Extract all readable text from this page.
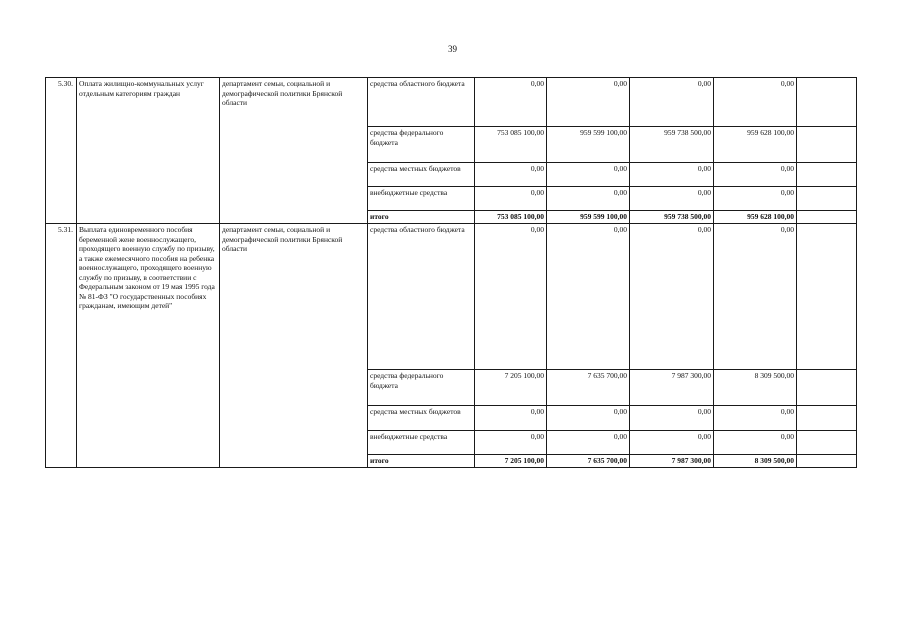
39
5.30.	Оплата жилищно-коммунальных услуг отдельным категориям граждан	департамент семьи, социальной и демографической политики Брянской области	средства областного бюджета	0,00	0,00	0,00	0,00	
			средства федерального бюджета	753 085 100,00	959 599 100,00	959 738 500,00	959 628 100,00	
			средства местных бюджетов	0,00	0,00	0,00	0,00	
			внебюджетные средства	0,00	0,00	0,00	0,00	
			итого	753 085 100,00	959 599 100,00	959 738 500,00	959 628 100,00	
5.31.	Выплата единовременного пособия беременной жене военнослужащего, проходящего военную службу по призыву, а также ежемесячного пособия на ребенка военнослужащего, проходящего военную службу по призыву, в соответствии с Федеральным законом от 19 мая 1995 года № 81-ФЗ "О государственных пособиях гражданам, имеющим детей"	департамент семьи, социальной и демографической политики Брянской области	средства областного бюджета	0,00	0,00	0,00	0,00	
			средства федерального бюджета	7 205 100,00	7 635 700,00	7 987 300,00	8 309 500,00	
			средства местных бюджетов	0,00	0,00	0,00	0,00	
			внебюджетные средства	0,00	0,00	0,00	0,00	
			итого	7 205 100,00	7 635 700,00	7 987 300,00	8 309 500,00	
